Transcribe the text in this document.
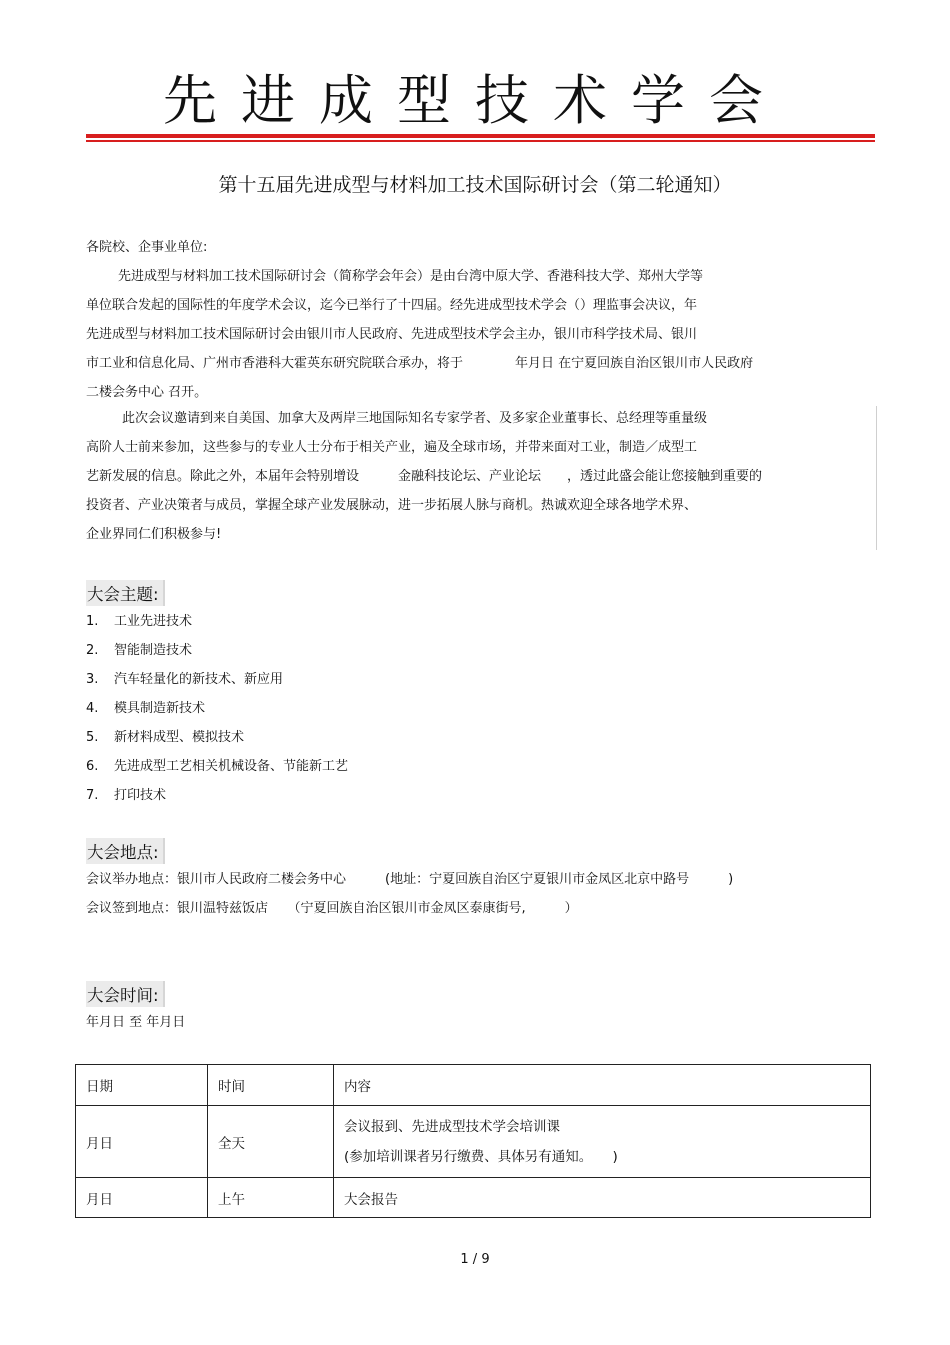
先进成型技术学会
第十五届先进成型与材料加工技术国际研讨会（第二轮通知）
各院校、企事业单位:
先进成型与材料加工技术国际研讨会（简称学会年会）是由台湾中原大学、香港科技大学、郑州大学等
单位联合发起的国际性的年度学术会议，迄今已举行了十四届。经先进成型技术学会（）理监事会决议，年
先进成型与材料加工技术国际研讨会由银川市人民政府、先进成型技术学会主办，银川市科学技术局、银川
市工业和信息化局、广州市香港科大霍英东研究院联合承办，将于　　　　年月日 在宁夏回族自治区银川市人民政府
二楼会务中心 召开。
此次会议邀请到来自美国、加拿大及两岸三地国际知名专家学者、及多家企业董事长、总经理等重量级
高阶人士前来参加，这些参与的专业人士分布于相关产业，遍及全球市场，并带来面对工业，制造／成型工
艺新发展的信息。除此之外，本届年会特别增设　　　金融科技论坛、产业论坛　　，透过此盛会能让您接触到重要的
投资者、产业决策者与成员，掌握全球产业发展脉动，进一步拓展人脉与商机。热诚欢迎全球各地学术界、
企业界同仁们积极参与!
大会主题:
1. 工业先进技术
2. 智能制造技术
3. 汽车轻量化的新技术、新应用
4. 模具制造新技术
5. 新材料成型、模拟技术
6. 先进成型工艺相关机械设备、节能新工艺
7. 打印技术
大会地点:
会议举办地点：银川市人民政府二楼会务中心　　　(地址：宁夏回族自治区宁夏银川市金凤区北京中路号　　　)
会议签到地点：银川温特兹饭店　　（宁夏回族自治区银川市金凤区泰康街号,　　　）
大会时间:
年月日 至 年月日
日期	时间	内容
月日	全天	会议报到、先进成型技术学会培训课
(参加培训课者另行缴费、具体另有通知。　　)

月日	上午	大会报告
1 / 9
